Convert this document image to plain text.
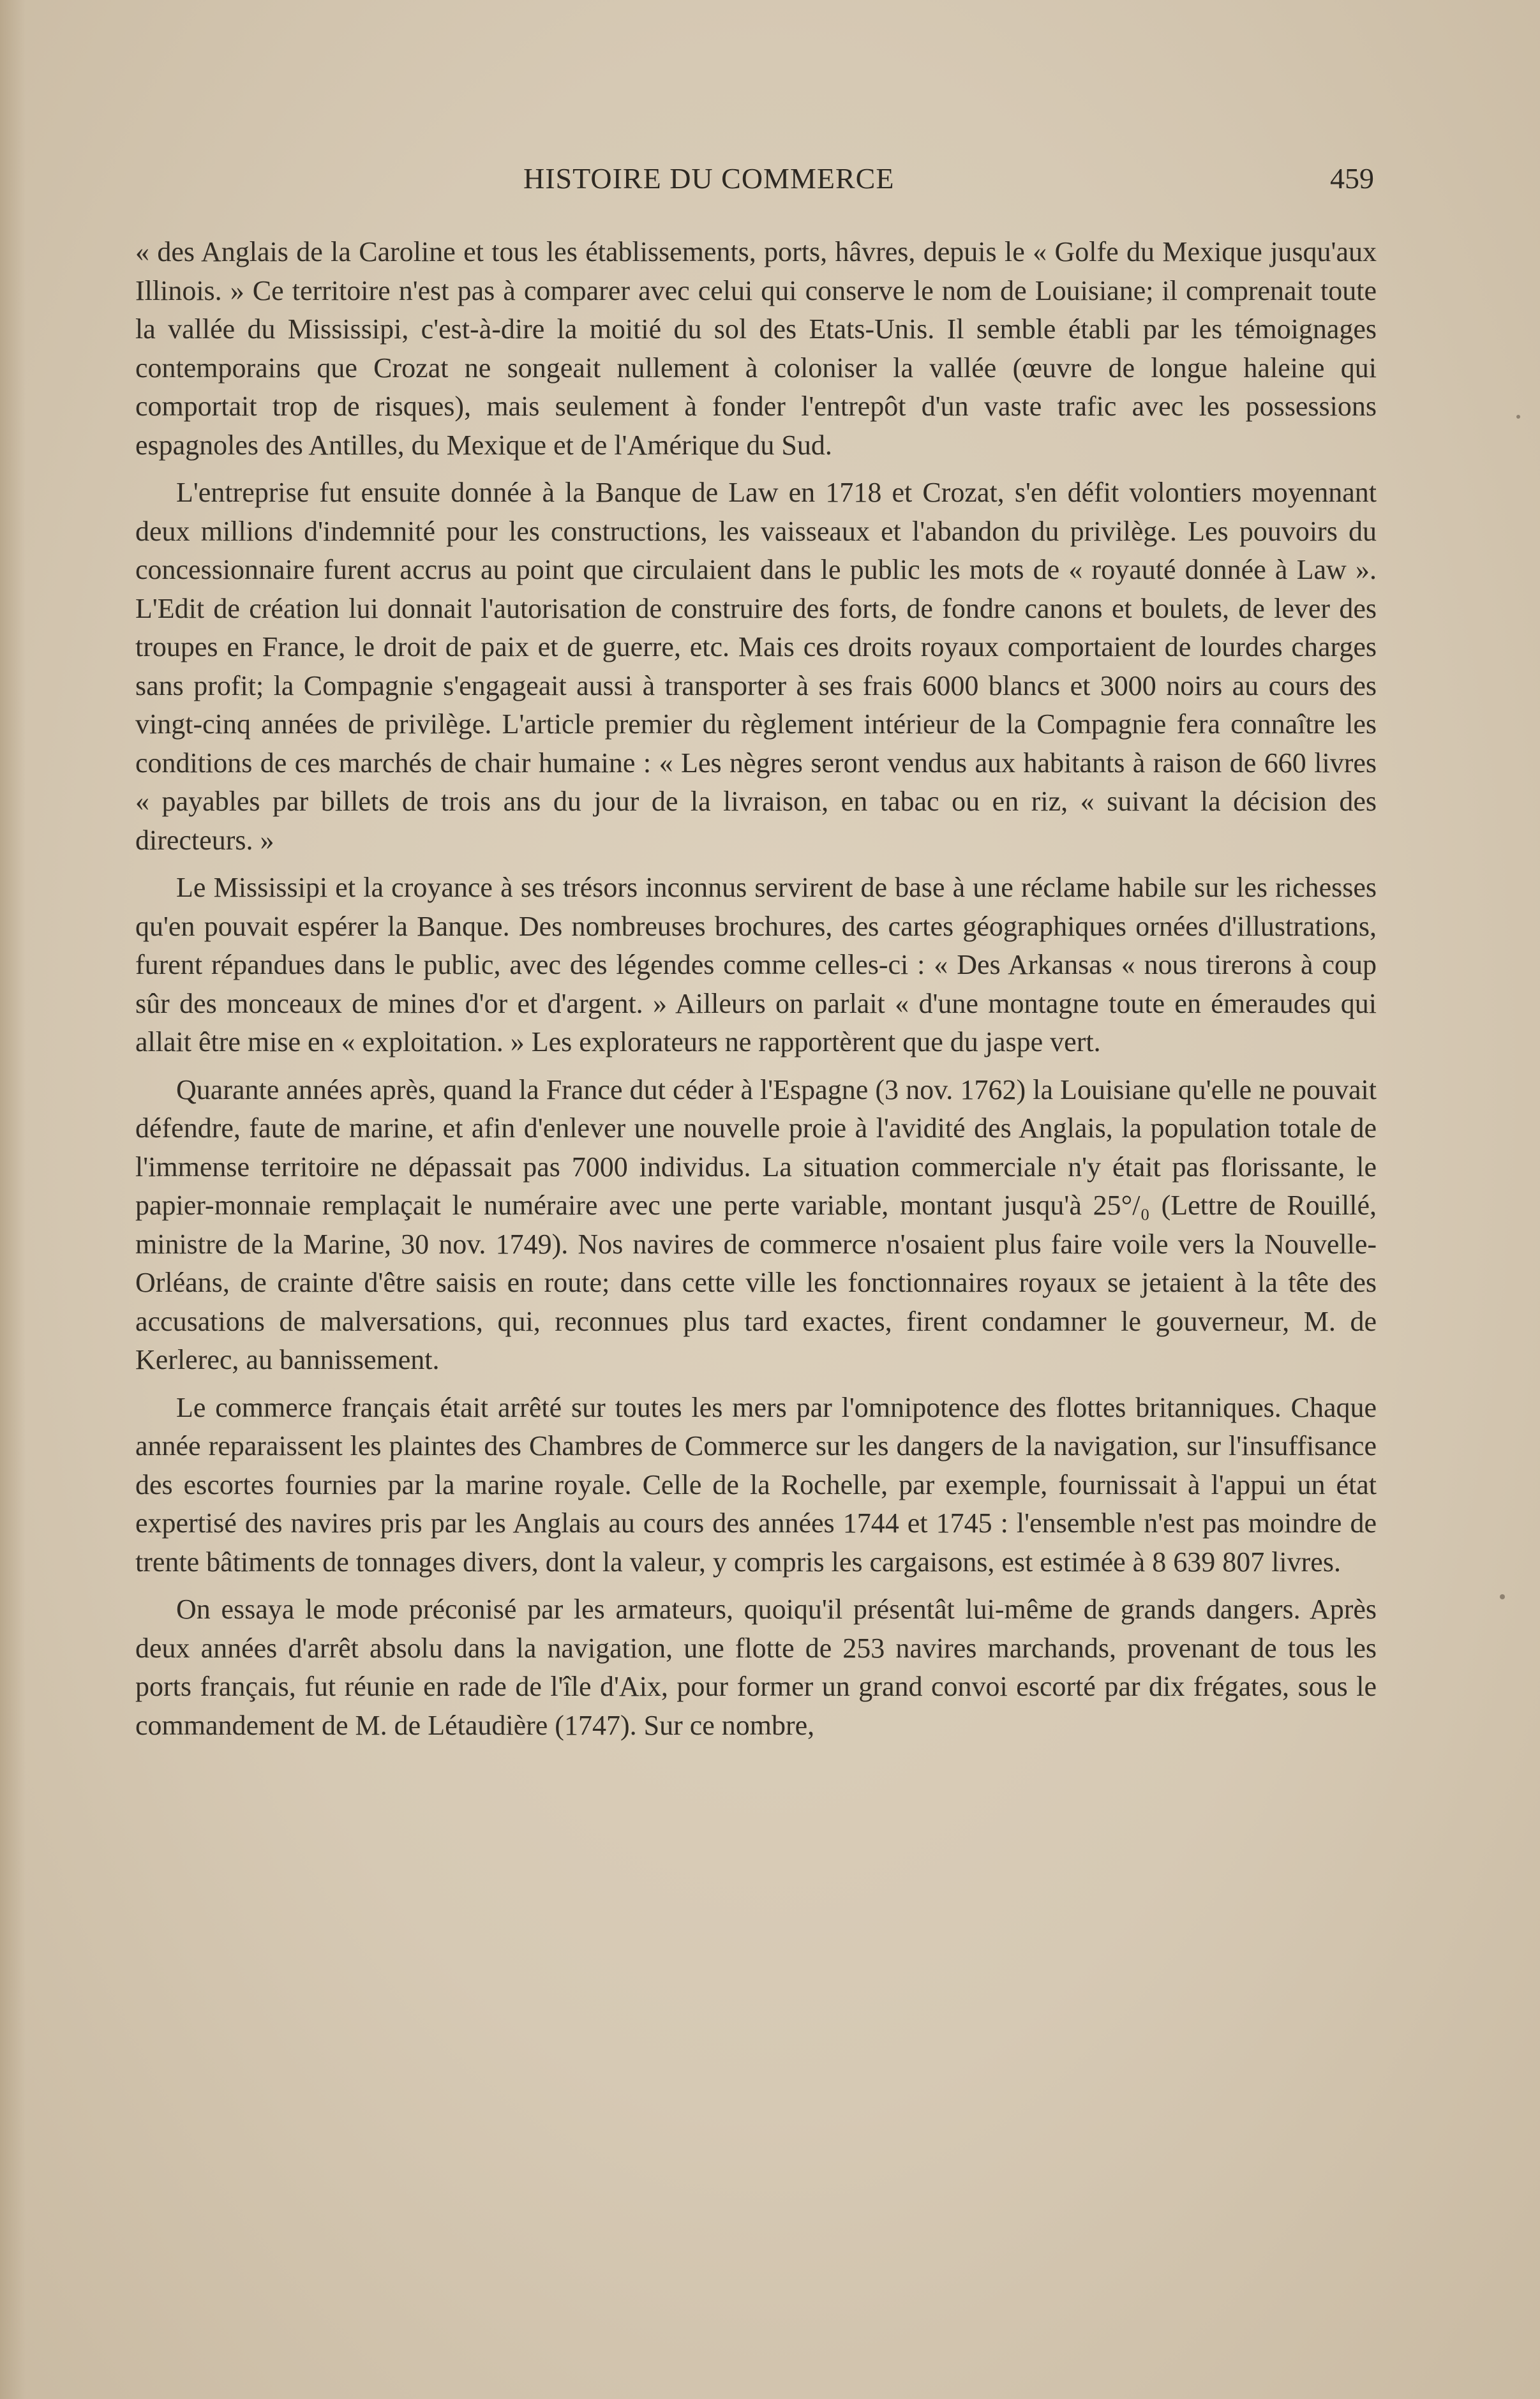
HISTOIRE DU COMMERCE	459

« des Anglais de la Caroline et tous les établissements, ports, hâvres, depuis le « Golfe du Mexique jusqu'aux Illinois. » Ce territoire n'est pas à comparer avec celui qui conserve le nom de Louisiane; il comprenait toute la vallée du Mississipi, c'est-à-dire la moitié du sol des Etats-Unis. Il semble établi par les témoignages contemporains que Crozat ne songeait nullement à coloniser la vallée (œuvre de longue haleine qui comportait trop de risques), mais seulement à fonder l'entrepôt d'un vaste trafic avec les possessions espagnoles des Antilles, du Mexique et de l'Amérique du Sud.

L'entreprise fut ensuite donnée à la Banque de Law en 1718 et Crozat, s'en défit volontiers moyennant deux millions d'indemnité pour les constructions, les vaisseaux et l'abandon du privilège. Les pouvoirs du concessionnaire furent accrus au point que circulaient dans le public les mots de « royauté donnée à Law ». L'Edit de création lui donnait l'autorisation de construire des forts, de fondre canons et boulets, de lever des troupes en France, le droit de paix et de guerre, etc. Mais ces droits royaux comportaient de lourdes charges sans profit; la Compagnie s'engageait aussi à transporter à ses frais 6000 blancs et 3000 noirs au cours des vingt-cinq années de privilège. L'article premier du règlement intérieur de la Compagnie fera connaître les conditions de ces marchés de chair humaine : « Les nègres seront vendus aux habitants à raison de 660 livres « payables par billets de trois ans du jour de la livraison, en tabac ou en riz, « suivant la décision des directeurs. »

Le Mississipi et la croyance à ses trésors inconnus servirent de base à une réclame habile sur les richesses qu'en pouvait espérer la Banque. Des nombreuses brochures, des cartes géographiques ornées d'illustrations, furent répandues dans le public, avec des légendes comme celles-ci : « Des Arkansas « nous tirerons à coup sûr des monceaux de mines d'or et d'argent. » Ailleurs on parlait « d'une montagne toute en émeraudes qui allait être mise en « exploitation. » Les explorateurs ne rapportèrent que du jaspe vert.

Quarante années après, quand la France dut céder à l'Espagne (3 nov. 1762) la Louisiane qu'elle ne pouvait défendre, faute de marine, et afin d'enlever une nouvelle proie à l'avidité des Anglais, la population totale de l'immense territoire ne dépassait pas 7000 individus. La situation commerciale n'y était pas florissante, le papier-monnaie remplaçait le numéraire avec une perte variable, montant jusqu'à 25°/₀ (Lettre de Rouillé, ministre de la Marine, 30 nov. 1749). Nos navires de commerce n'osaient plus faire voile vers la Nouvelle-Orléans, de crainte d'être saisis en route; dans cette ville les fonctionnaires royaux se jetaient à la tête des accusations de malversations, qui, reconnues plus tard exactes, firent condamner le gouverneur, M. de Kerlerec, au bannissement.

Le commerce français était arrêté sur toutes les mers par l'omnipotence des flottes britanniques. Chaque année reparaissent les plaintes des Chambres de Commerce sur les dangers de la navigation, sur l'insuffisance des escortes fournies par la marine royale. Celle de la Rochelle, par exemple, fournissait à l'appui un état expertisé des navires pris par les Anglais au cours des années 1744 et 1745 : l'ensemble n'est pas moindre de trente bâtiments de tonnages divers, dont la valeur, y compris les cargaisons, est estimée à 8 639 807 livres.

On essaya le mode préconisé par les armateurs, quoiqu'il présentât lui-même de grands dangers. Après deux années d'arrêt absolu dans la navigation, une flotte de 253 navires marchands, provenant de tous les ports français, fut réunie en rade de l'île d'Aix, pour former un grand convoi escorté par dix frégates, sous le commandement de M. de Létaudière (1747). Sur ce nombre,
